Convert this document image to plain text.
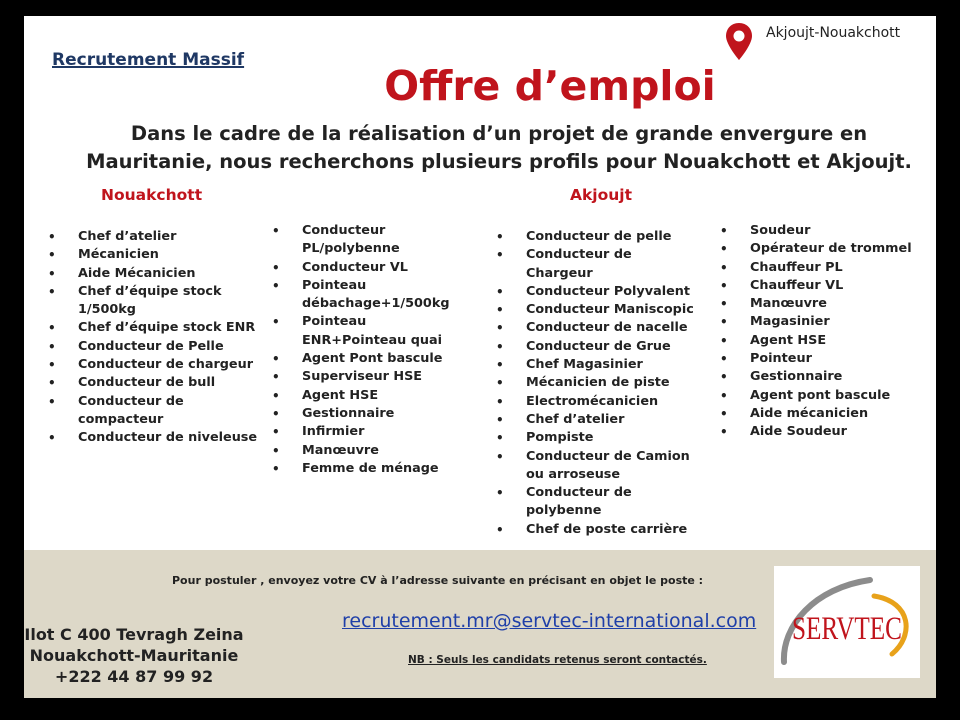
Recrutement Massif
Akjoujt-Nouakchott
Offre d’emploi
Dans le cadre de la réalisation d’un projet de grande envergure en
Mauritanie, nous recherchons plusieurs profils pour Nouakchott et Akjoujt.
Nouakchott	Akjoujt
• Chef d’atelier
• Mécanicien
• Aide Mécanicien
• Chef d’équipe stock 1/500kg
• Chef d’équipe stock ENR
• Conducteur de Pelle
• Conducteur de chargeur
• Conducteur de bull
• Conducteur de compacteur
• Conducteur de niveleuse
• Conducteur PL/polybenne
• Conducteur VL
• Pointeau débachage+1/500kg
• Pointeau ENR+Pointeau quai
• Agent Pont bascule
• Superviseur HSE
• Agent HSE
• Gestionnaire
• Infirmier
• Manœuvre
• Femme de ménage
• Conducteur de pelle
• Conducteur de Chargeur
• Conducteur Polyvalent
• Conducteur Maniscopic
• Conducteur de nacelle
• Conducteur de Grue
• Chef Magasinier
• Mécanicien de piste
• Electromécanicien
• Chef d’atelier
• Pompiste
• Conducteur de Camion ou arroseuse
• Conducteur de polybenne
• Chef de poste carrière
• Soudeur
• Opérateur de trommel
• Chauffeur PL
• Chauffeur VL
• Manœuvre
• Magasinier
• Agent HSE
• Pointeur
• Gestionnaire
• Agent pont bascule
• Aide mécanicien
• Aide Soudeur
Pour postuler , envoyez votre CV à l’adresse suivante en précisant en objet le poste :
recrutement.mr@servtec-international.com
NB : Seuls les candidats retenus seront contactés.
Ilot C 400 Tevragh Zeina
Nouakchott-Mauritanie
+222 44 87 99 92
SERVTEC
